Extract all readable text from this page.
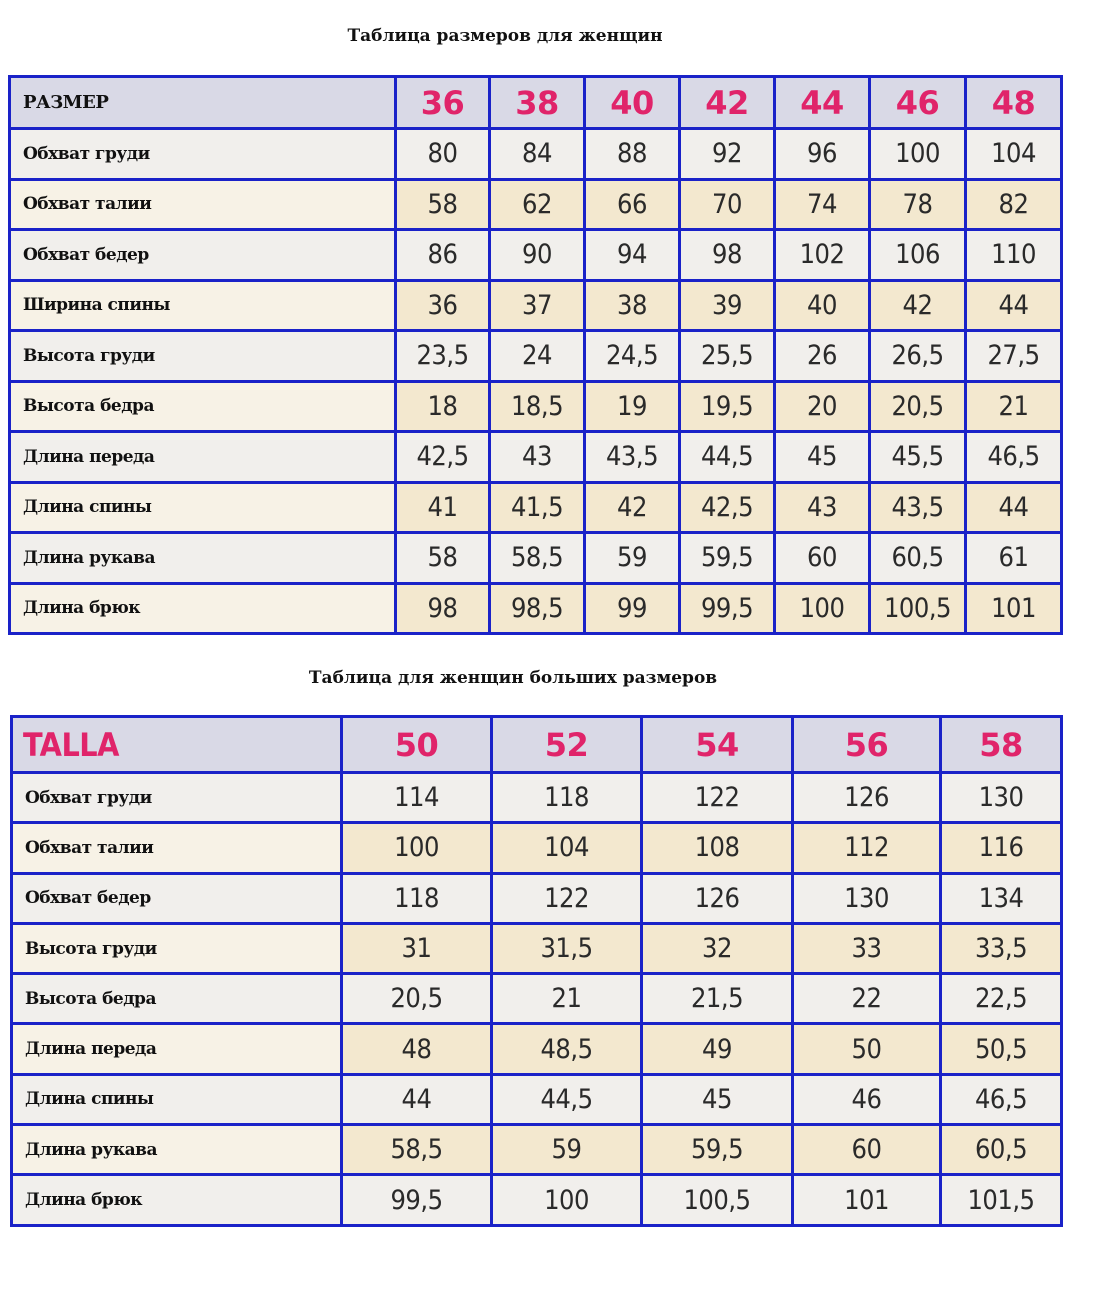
Таблица размеров для женщин
РАЗМЕР	36	38	40	42	44	46	48
Обхват груди	80	84	88	92	96	100	104
Обхват талии	58	62	66	70	74	78	82
Обхват бедер	86	90	94	98	102	106	110
Ширина спины	36	37	38	39	40	42	44
Высота груди	23,5	24	24,5	25,5	26	26,5	27,5
Высота бедра	18	18,5	19	19,5	20	20,5	21
Длина переда	42,5	43	43,5	44,5	45	45,5	46,5
Длина спины	41	41,5	42	42,5	43	43,5	44
Длина рукава	58	58,5	59	59,5	60	60,5	61
Длина брюк	98	98,5	99	99,5	100	100,5	101
Таблица для женщин больших размеров
TALLA	50	52	54	56	58
Обхват груди	114	118	122	126	130
Обхват талии	100	104	108	112	116
Обхват бедер	118	122	126	130	134
Высота груди	31	31,5	32	33	33,5
Высота бедра	20,5	21	21,5	22	22,5
Длина переда	48	48,5	49	50	50,5
Длина спины	44	44,5	45	46	46,5
Длина рукава	58,5	59	59,5	60	60,5
Длина брюк	99,5	100	100,5	101	101,5
